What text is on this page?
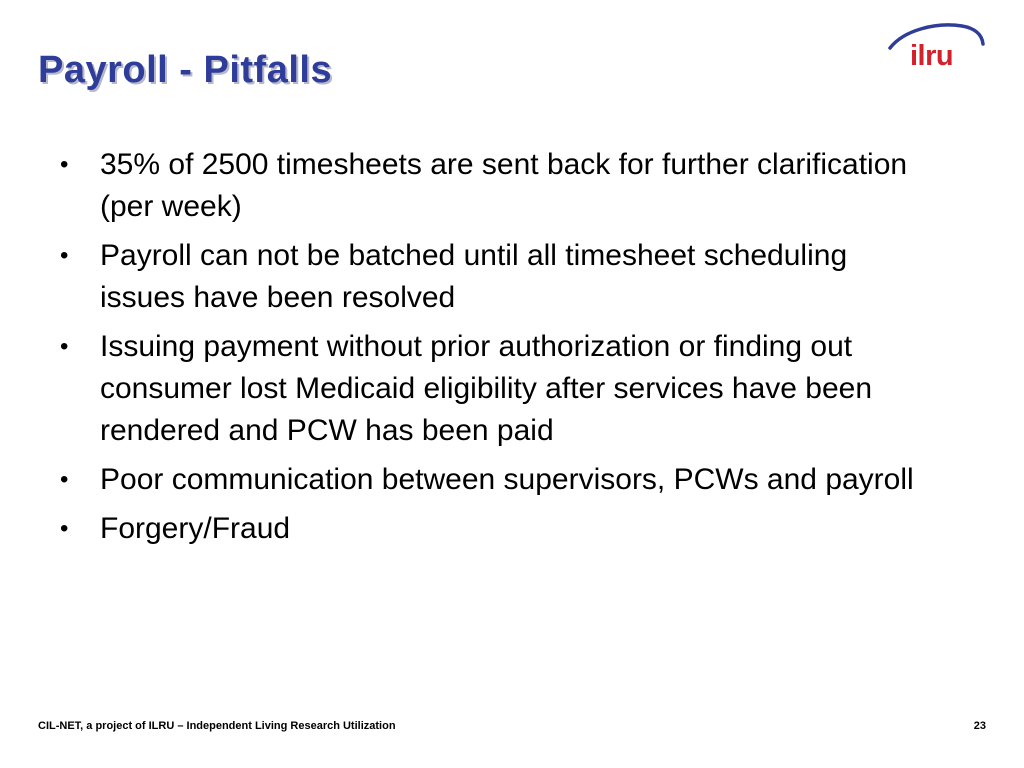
Payroll - Pitfalls	ilru
• 35% of 2500 timesheets are sent back for further clarification (per week)
• Payroll can not be batched until all timesheet scheduling issues have been resolved
• Issuing payment without prior authorization or finding out consumer lost Medicaid eligibility after services have been rendered and PCW has been paid
• Poor communication between supervisors, PCWs and payroll
• Forgery/Fraud
CIL-NET, a project of ILRU – Independent Living Research Utilization	23
